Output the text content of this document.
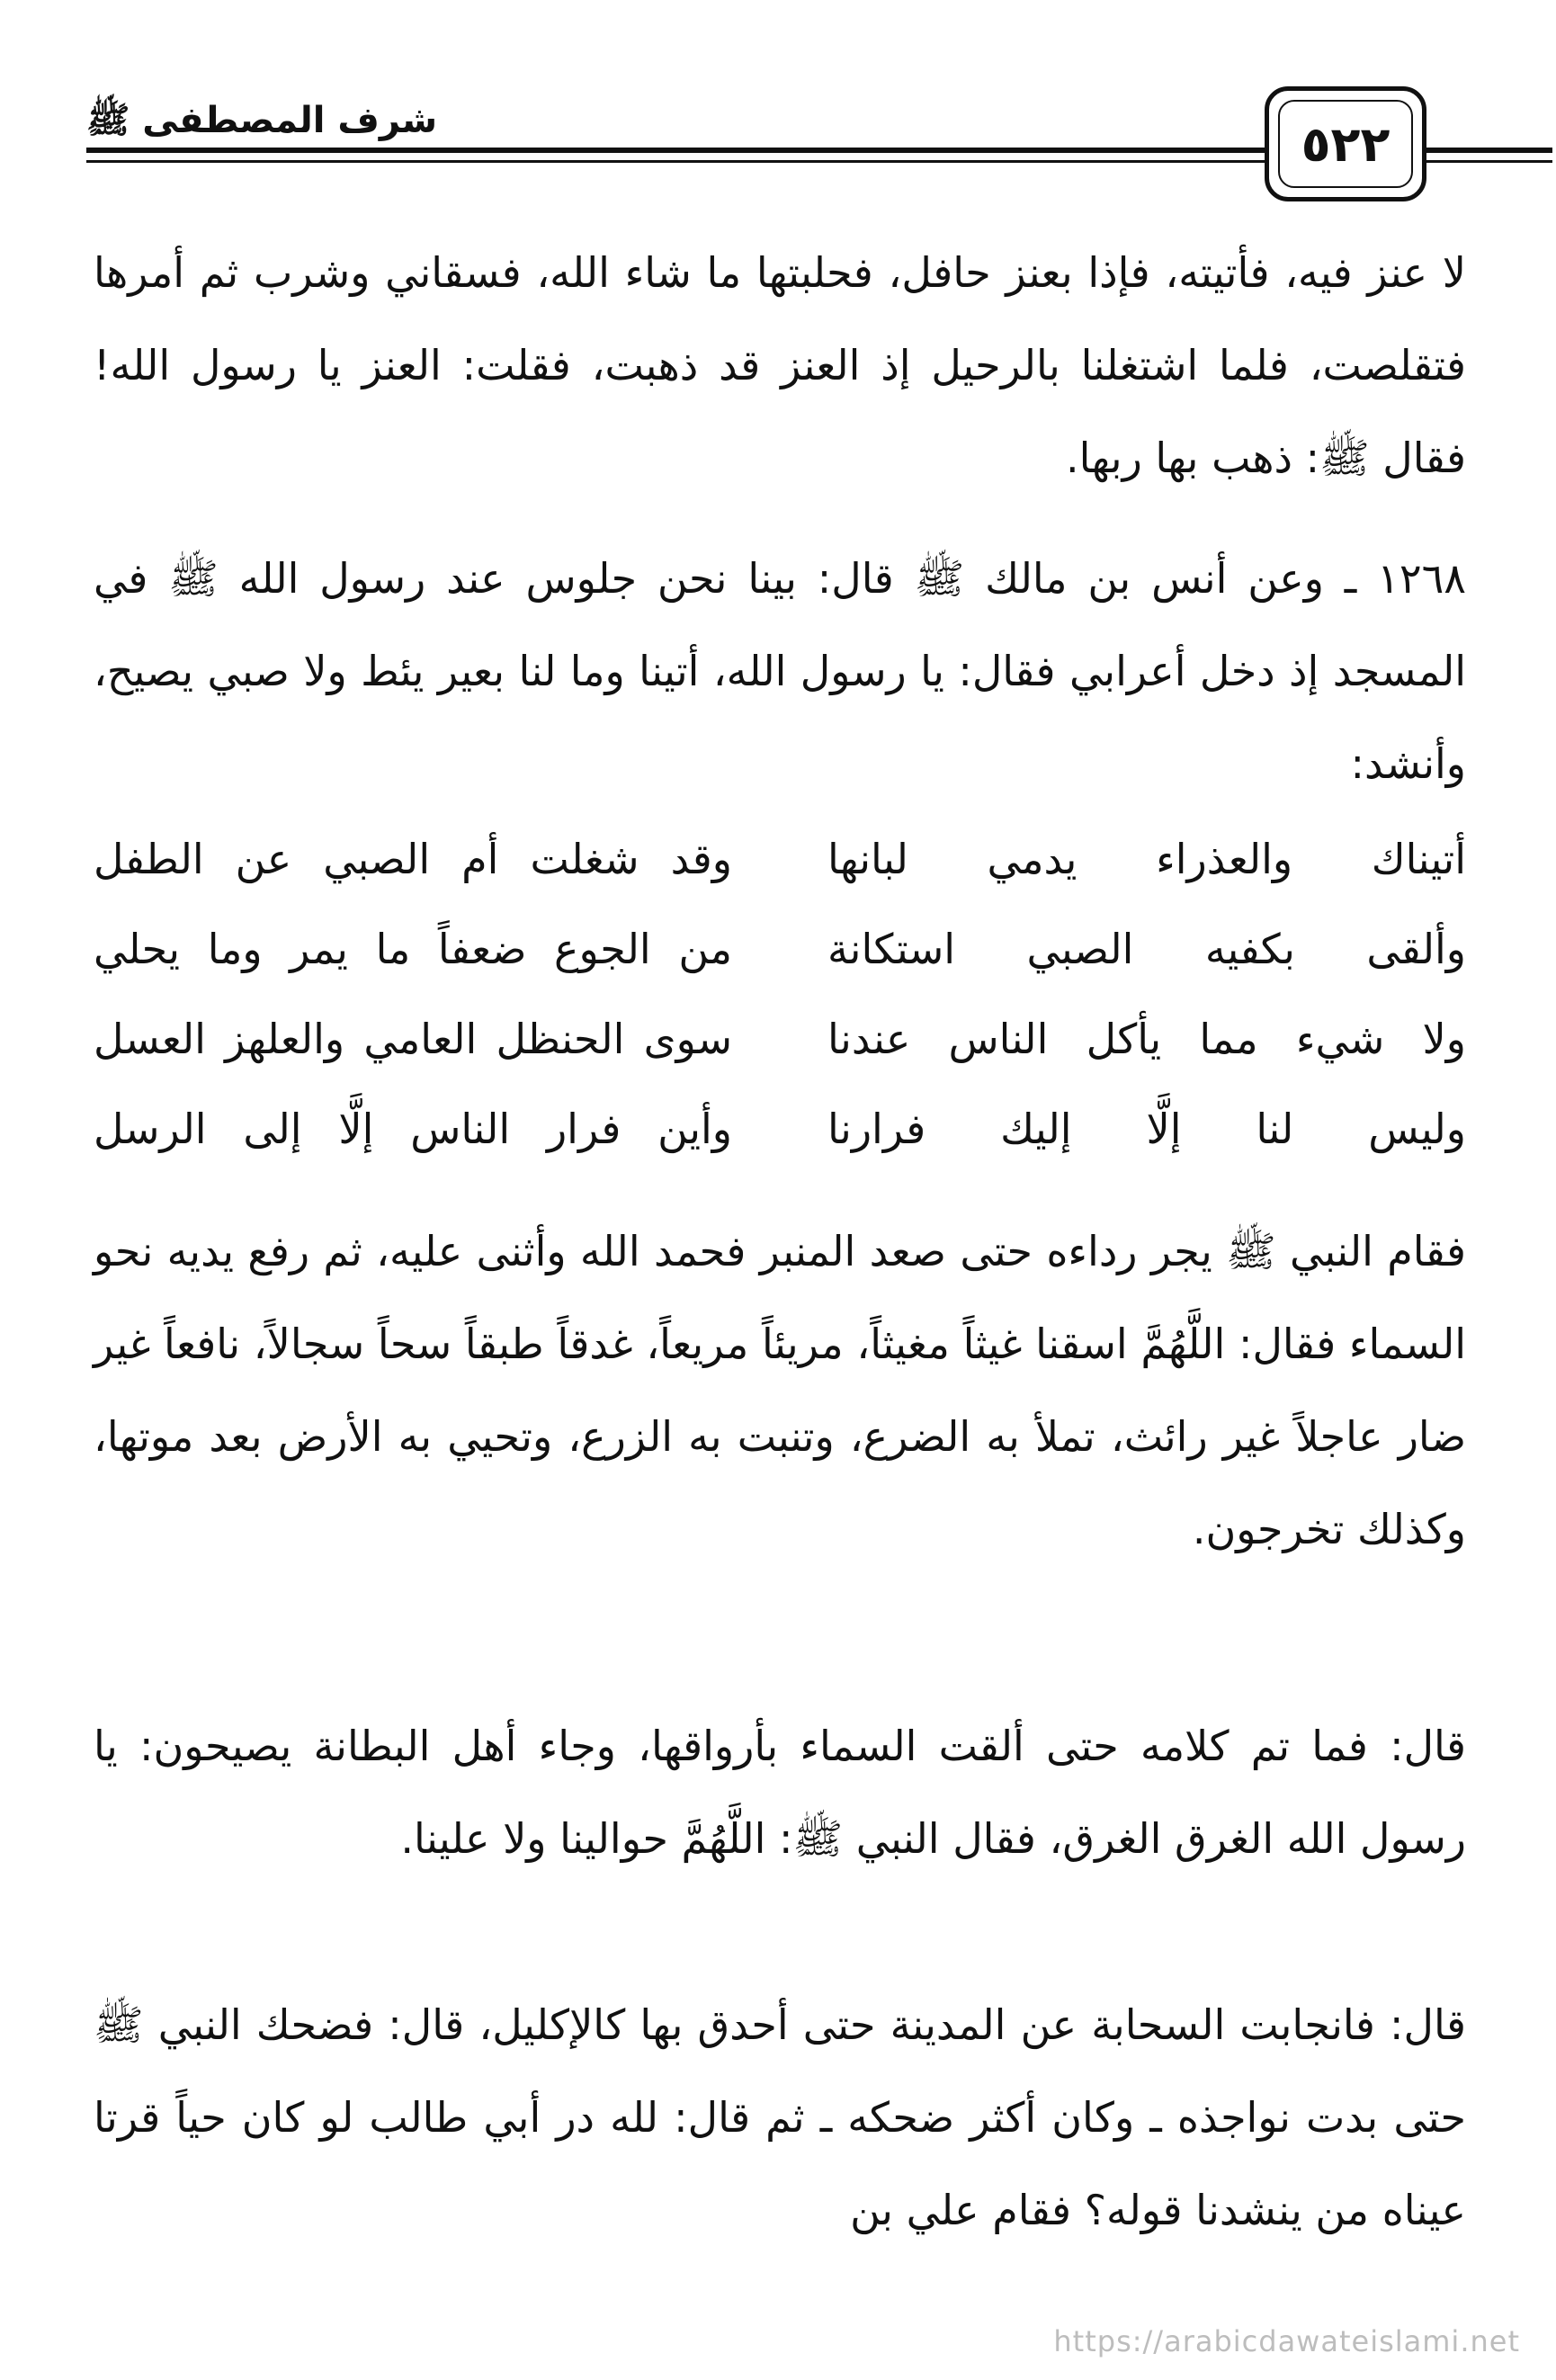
شرف المصطفى ﷺ	٥٢٢

لا عنز فيه، فأتيته، فإذا بعنز حافل، فحلبتها ما شاء الله، فسقاني وشرب ثم أمرها فتقلصت، فلما اشتغلنا بالرحيل إذ العنز قد ذهبت، فقلت: العنز يا رسول الله! فقال ﷺ: ذهب بها ربها.

١٢٦٨ ـ وعن أنس بن مالك ﷺ قال: بينا نحن جلوس عند رسول الله ﷺ في المسجد إذ دخل أعرابي فقال: يا رسول الله، أتينا وما لنا بعير يئط ولا صبي يصيح، وأنشد:

أتيناك والعذراء يدمي لبانها
وقد شغلت أم الصبي عن الطفل
وألقى بكفيه الصبي استكانة
من الجوع ضعفاً ما يمر وما يحلي
ولا شيء مما يأكل الناس عندنا
سوى الحنظل العامي والعلهز العسل
وليس لنا إلَّا إليك فرارنا
وأين فرار الناس إلَّا إلى الرسل

فقام النبي ﷺ يجر رداءه حتى صعد المنبر فحمد الله وأثنى عليه، ثم رفع يديه نحو السماء فقال: اللَّهُمَّ اسقنا غيثاً مغيثاً، مريئاً مريعاً، غدقاً طبقاً سحاً سجالاً، نافعاً غير ضار عاجلاً غير رائث، تملأ به الضرع، وتنبت به الزرع، وتحيي به الأرض بعد موتها، وكذلك تخرجون.

قال: فما تم كلامه حتى ألقت السماء بأرواقها، وجاء أهل البطانة يصيحون: يا رسول الله الغرق الغرق، فقال النبي ﷺ: اللَّهُمَّ حوالينا ولا علينا.

قال: فانجابت السحابة عن المدينة حتى أحدق بها كالإكليل، قال: فضحك النبي ﷺ حتى بدت نواجذه ـ وكان أكثر ضحكه ـ ثم قال: لله در أبي طالب لو كان حياً قرتا عيناه من ينشدنا قوله؟ فقام علي بن

https://arabicdawateislami.net
